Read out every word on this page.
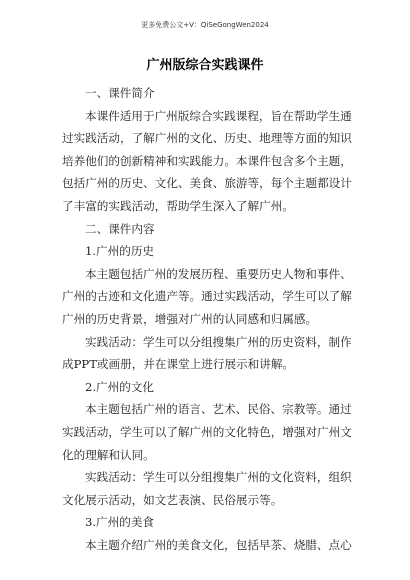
更多免费公文+V：QiSeGongWen2024
广州版综合实践课件
一、课件简介
本课件适用于广州版综合实践课程，旨在帮助学生通
过实践活动，了解广州的文化、历史、地理等方面的知识
培养他们的创新精神和实践能力。本课件包含多个主题，
包括广州的历史、文化、美食、旅游等，每个主题都设计
了丰富的实践活动，帮助学生深入了解广州。
二、课件内容
1.广州的历史
本主题包括广州的发展历程、重要历史人物和事件、
广州的古迹和文化遗产等。通过实践活动，学生可以了解
广州的历史背景，增强对广州的认同感和归属感。
实践活动：学生可以分组搜集广州的历史资料，制作
成PPT或画册，并在课堂上进行展示和讲解。
2.广州的文化
本主题包括广州的语言、艺术、民俗、宗教等。通过
实践活动，学生可以了解广州的文化特色，增强对广州文
化的理解和认同。
实践活动：学生可以分组搜集广州的文化资料，组织
文化展示活动，如文艺表演、民俗展示等。
3.广州的美食
本主题介绍广州的美食文化，包括早茶、烧腊、点心
